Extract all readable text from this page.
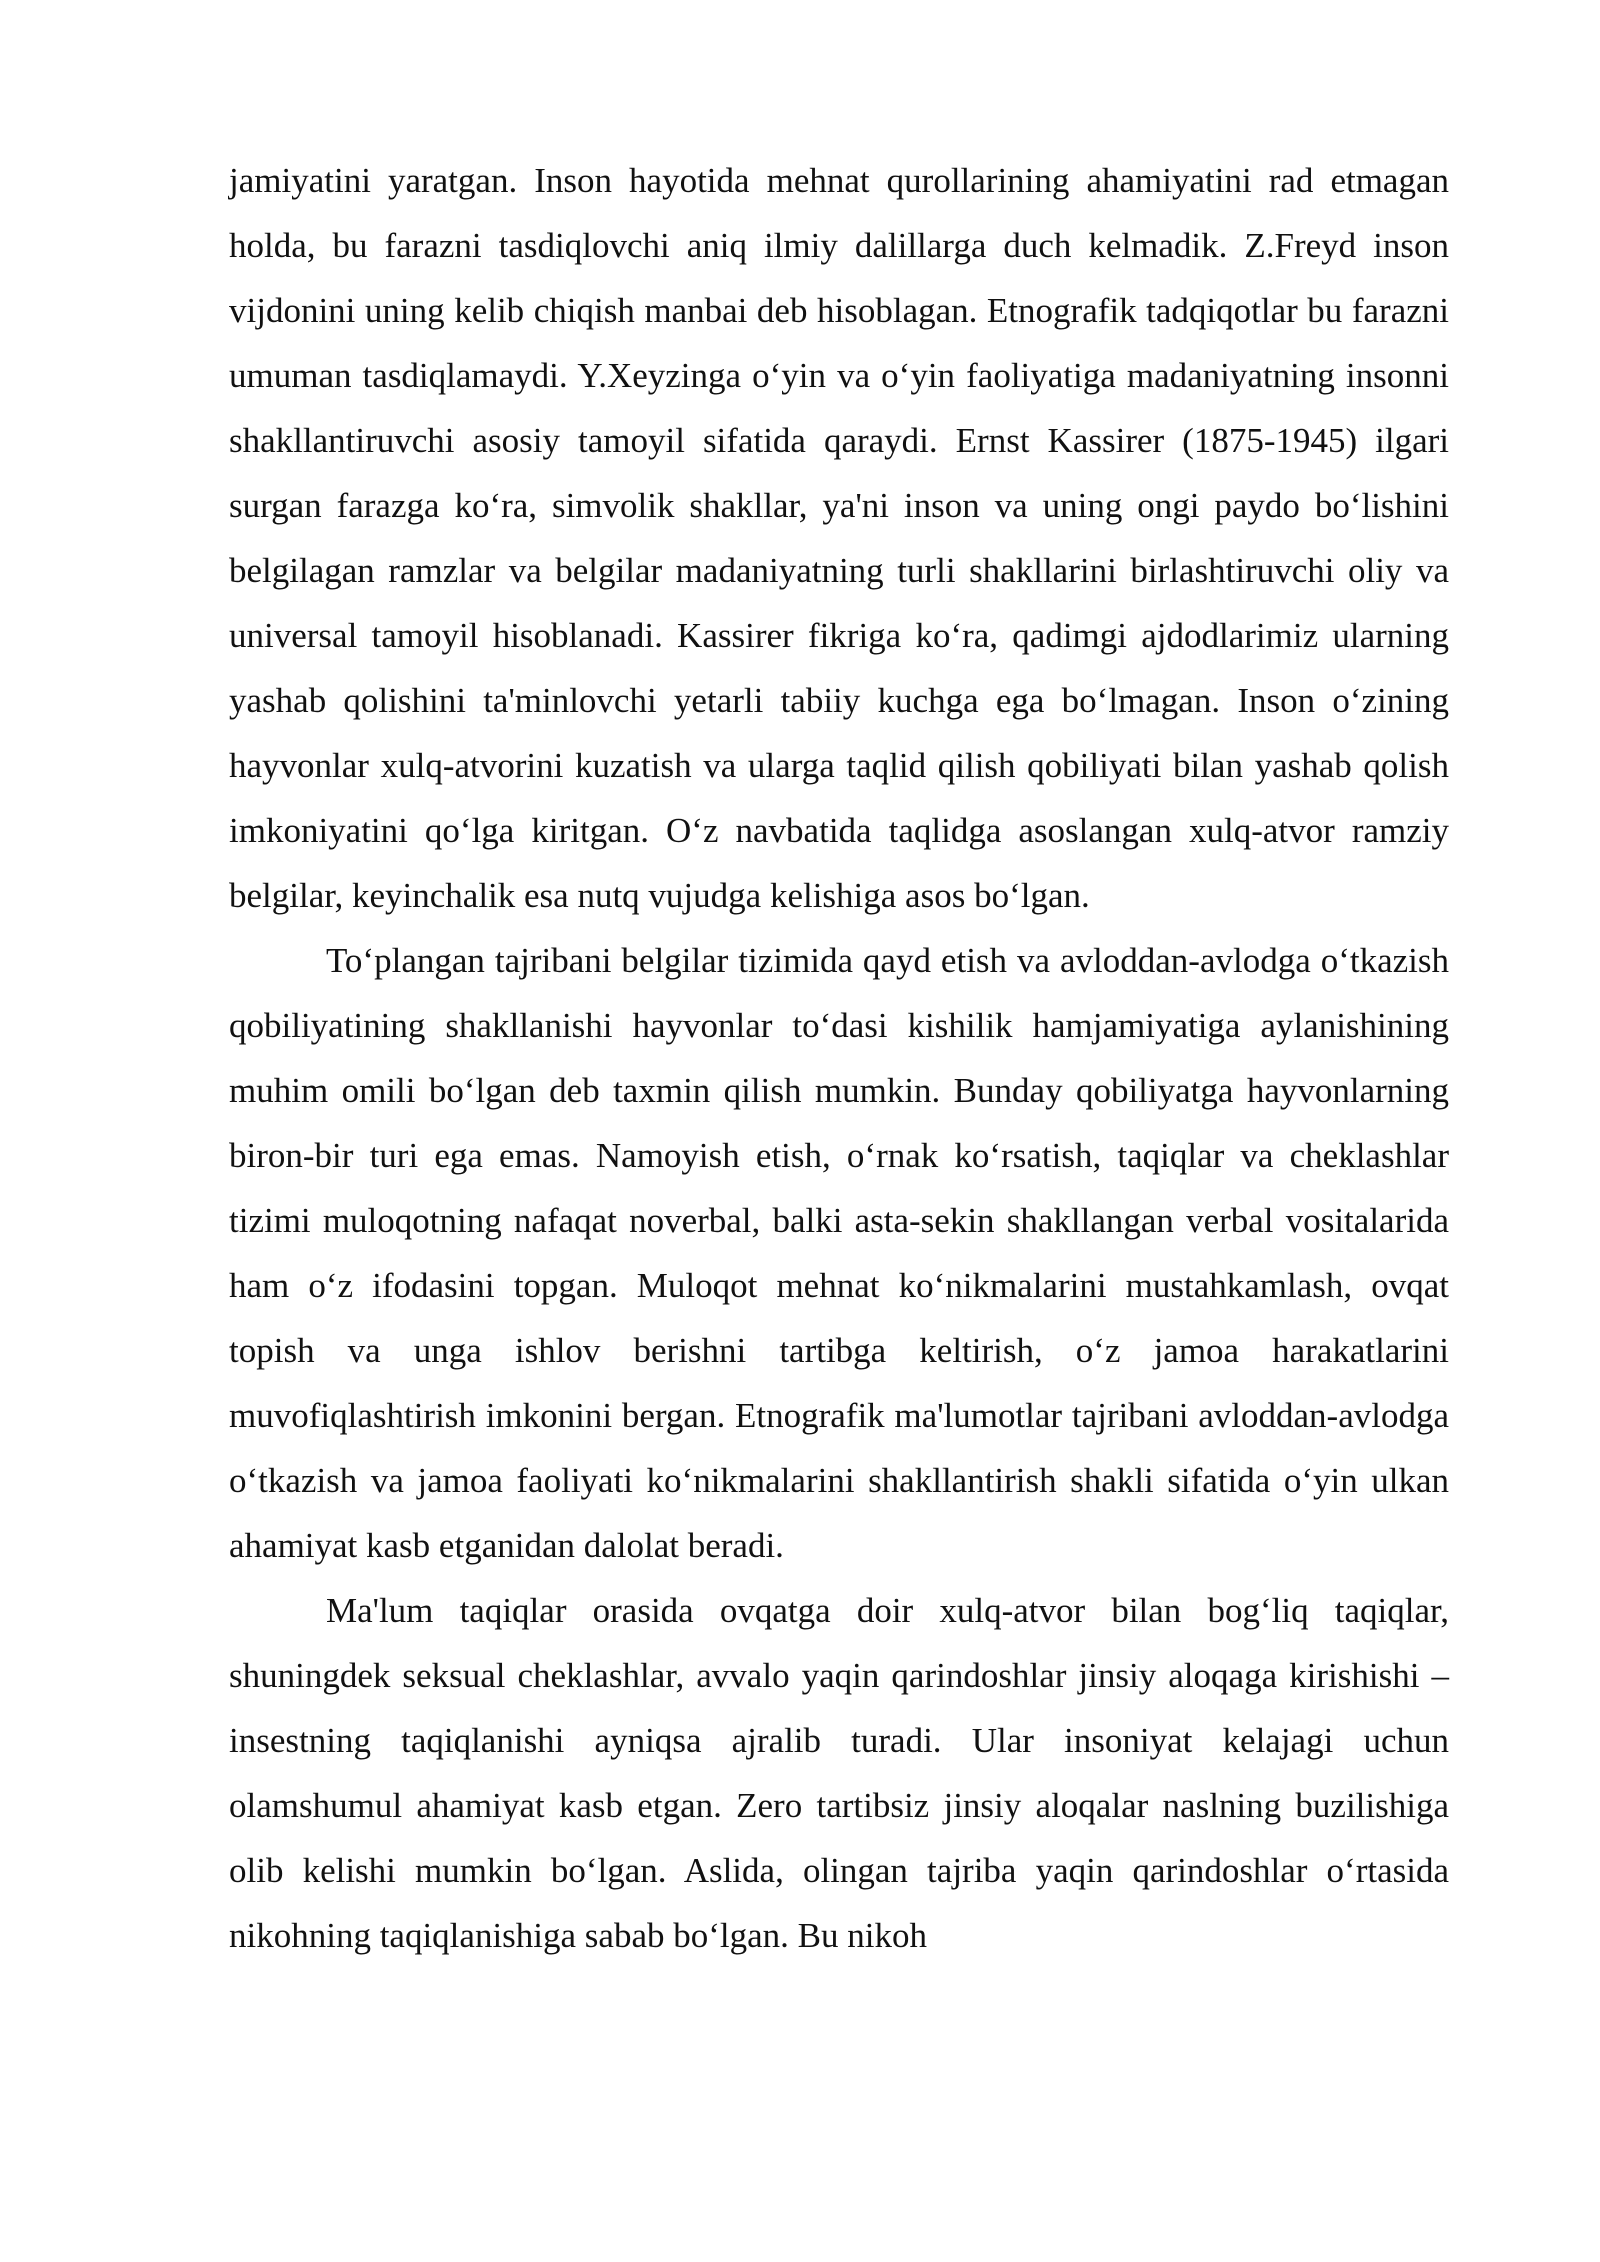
jamiyatini yaratgan. Inson hayotida mehnat qurollarining ahamiyatini rad etmagan holda, bu farazni tasdiqlovchi aniq ilmiy dalillarga duch kelmadik. Z.Freyd inson vijdonini uning kelib chiqish manbai deb hisoblagan. Etnografik tadqiqotlar bu farazni umuman tasdiqlamaydi. Y.Xeyzinga oʻyin va oʻyin faoliyatiga madaniyatning insonni shakllantiruvchi asosiy tamoyil sifatida qaraydi. Ernst Kassirer (1875-1945) ilgari surgan farazga koʻra, simvolik shakllar, ya'ni inson va uning ongi paydo boʻlishini belgilagan ramzlar va belgilar madaniyatning turli shakllarini birlashtiruvchi oliy va universal tamoyil hisoblanadi. Kassirer fikriga koʻra, qadimgi ajdodlarimiz ularning yashab qolishini ta'minlovchi yetarli tabiiy kuchga ega boʻlmagan. Inson oʻzining hayvonlar xulq-atvorini kuzatish va ularga taqlid qilish qobiliyati bilan yashab qolish imkoniyatini qoʻlga kiritgan. Oʻz navbatida taqlidga asoslangan xulq-atvor ramziy belgilar, keyinchalik esa nutq vujudga kelishiga asos boʻlgan.

Toʻplangan tajribani belgilar tizimida qayd etish va avloddan-avlodga oʻtkazish qobiliyatining shakllanishi hayvonlar toʻdasi kishilik hamjamiyatiga aylanishining muhim omili boʻlgan deb taxmin qilish mumkin. Bunday qobiliyatga hayvonlarning biron-bir turi ega emas. Namoyish etish, oʻrnak koʻrsatish, taqiqlar va cheklashlar tizimi muloqotning nafaqat noverbal, balki asta-sekin shakllangan verbal vositalarida ham oʻz ifodasini topgan. Muloqot mehnat koʻnikmalarini mustahkamlash, ovqat topish va unga ishlov berishni tartibga keltirish, oʻz jamoa harakatlarini muvofiqlashtirish imkonini bergan. Etnografik ma'lumotlar tajribani avloddan-avlodga oʻtkazish va jamoa faoliyati koʻnikmalarini shakllantirish shakli sifatida oʻyin ulkan ahamiyat kasb etganidan dalolat beradi.

Ma'lum taqiqlar orasida ovqatga doir xulq-atvor bilan bogʻliq taqiqlar, shuningdek seksual cheklashlar, avvalo yaqin qarindoshlar jinsiy aloqaga kirishishi – insestning taqiqlanishi ayniqsa ajralib turadi. Ular insoniyat kelajagi uchun olamshumul ahamiyat kasb etgan. Zero tartibsiz jinsiy aloqalar naslning buzilishiga olib kelishi mumkin boʻlgan. Aslida, olingan tajriba yaqin qarindoshlar oʻrtasida nikohning taqiqlanishiga sabab boʻlgan. Bu nikoh
